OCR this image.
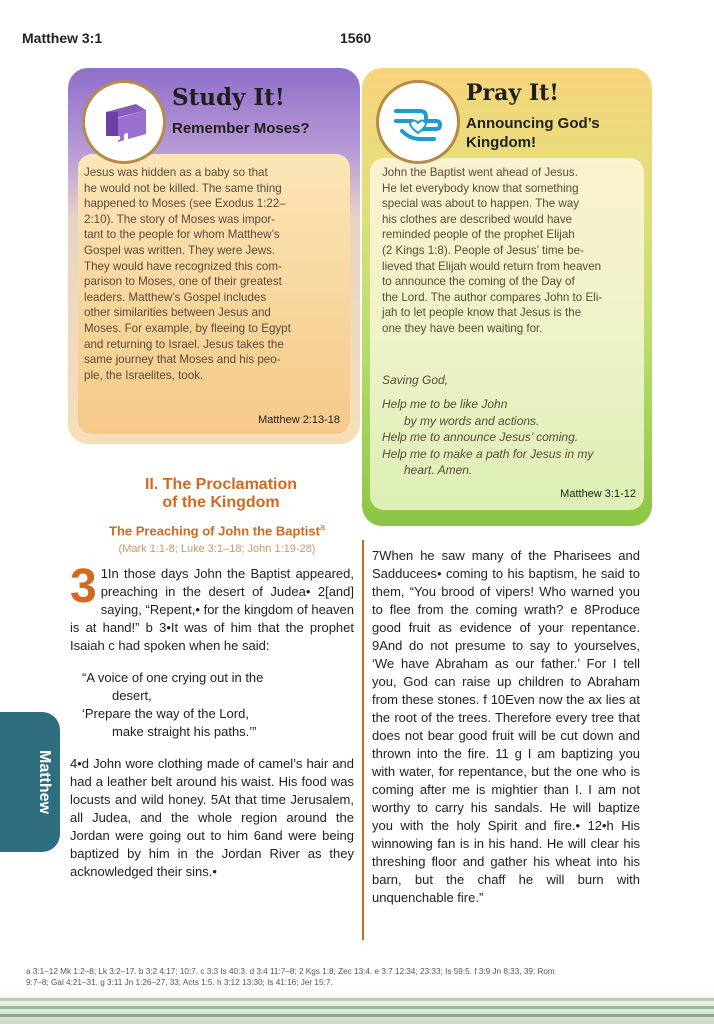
Matthew 3:1	1560
Study It!
Remember Moses?
Jesus was hidden as a baby so that
he would not be killed. The same thing
happened to Moses (see Exodus 1:22–
2:10). The story of Moses was impor-
tant to the people for whom Matthew’s
Gospel was written. They were Jews.
They would have recognized this com-
parison to Moses, one of their greatest
leaders. Matthew’s Gospel includes
other similarities between Jesus and
Moses. For example, by fleeing to Egypt
and returning to Israel. Jesus takes the
same journey that Moses and his peo-
ple, the Israelites, took.
Matthew 2:13-18
Pray It!
Announcing God’s Kingdom!
John the Baptist went ahead of Jesus.
He let everybody know that something
special was about to happen. The way
his clothes are described would have
reminded people of the prophet Elijah
(2 Kings 1:8). People of Jesus’ time be-
lieved that Elijah would return from heaven
to announce the coming of the Day of
the Lord. The author compares John to Eli-
jah to let people know that Jesus is the
one they have been waiting for.
Saving God,
Help me to be like John
by my words and actions.
Help me to announce Jesus’ coming.
Help me to make a path for Jesus in my
heart. Amen.
Matthew 3:1-12
II. The Proclamation
of the Kingdom
The Preaching of John the Baptist$^a$
(Mark 1:1-8; Luke 3:1–18; John 1:19-28)
3 1In those days John the Baptist appeared, preaching in the desert of Judea• 2[and] saying, “Repent,• for the kingdom of heaven is at hand!” b 3•It was of him that the prophet Isaiah c had spoken when he said:

“A voice of one crying out in the
desert,
‘Prepare the way of the Lord,
make straight his paths.’”

4•d John wore clothing made of camel’s hair and had a leather belt around his waist. His food was locusts and wild honey. 5At that time Jerusalem, all Judea, and the whole region around the Jordan were going out to him 6and were being baptized by him in the Jordan River as they acknowledged their sins.•

7When he saw many of the Pharisees and Sadducees• coming to his baptism, he said to them, “You brood of vipers! Who warned you to flee from the coming wrath? e 8Produce good fruit as evidence of your repentance. 9And do not presume to say to yourselves, ‘We have Abraham as our father.’ For I tell you, God can raise up children to Abraham from these stones. f 10Even now the ax lies at the root of the trees. Therefore every tree that does not bear good fruit will be cut down and thrown into the fire. 11 g I am baptizing you with water, for repentance, but the one who is coming after me is mightier than I. I am not worthy to carry his sandals. He will baptize you with the holy Spirit and fire.• 12•h His winnowing fan is in his hand. He will clear his threshing floor and gather his wheat into his barn, but the chaff he will burn with unquenchable fire.”

Matthew
a 3:1–12 Mk 1:2–8; Lk 3:2–17. b 3:2 4:17; 10:7. c 3:3 Is 40:3. d 3:4 11:7–8; 2 Kgs 1:8; Zec 13:4. e 3:7 12:34; 23:33; Is 59:5. f 3:9 Jn 8:33, 39; Rom
9:7–8; Gal 4:21–31. g 3:11 Jn 1:26–27, 33; Acts 1:5. h 3:12 13:30; Is 41:16; Jer 15:7.
